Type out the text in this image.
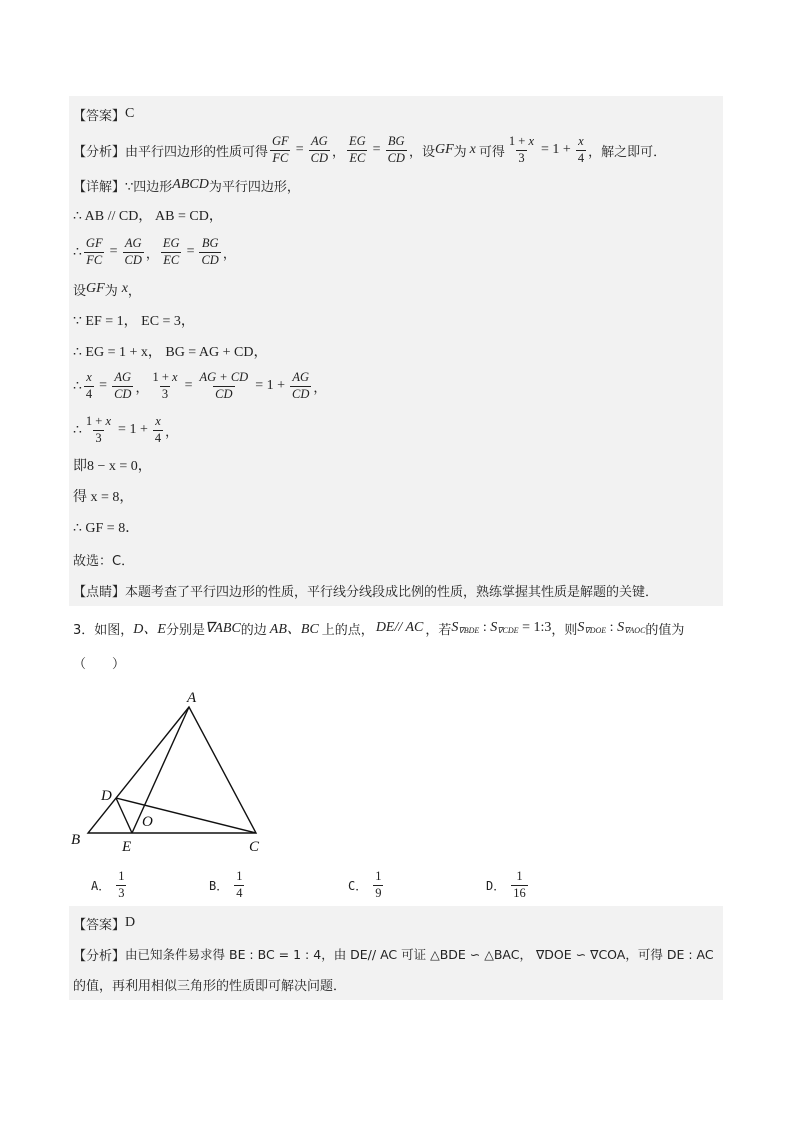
【答案】 C
【分析】 由平行四边形的性质可得 $\frac{GF}{FC} = \frac{AG}{CD}$ ， $\frac{EG}{EC} = \frac{BG}{CD}$ ，设 GF 为 x 可得 $\frac{1 + x}{3} = 1 + \frac{x}{4}$ ，解之即可．
【详解】 ∵四边形 ABCD 为平行四边形，
∴ AB // CD， AB = CD，
∴ $\frac{GF}{FC} = \frac{AG}{CD}$ ， $\frac{EG}{EC} = \frac{BG}{CD}$ ，
设 GF 为 x ，
∵ EF = 1， EC = 3，
∴ EG = 1 + x， BG = AG + CD，
∴ $\frac{x}{4} = \frac{AG}{CD}$ ， $\frac{1 + x}{3} = \frac{AG + CD}{CD} = 1 + \frac{AG}{CD}$ ，
∴ $\frac{1 + x}{3} = 1 + \frac{x}{4}$ ，
即8 − x = 0，
得 x = 8，
∴ GF = 8．
故选：C．
【点睛】 本题考查了平行四边形的性质，平行线分线段成比例的性质，熟练掌握其性质是解题的关键．
3．如图， D、E 分别是 ∇ABC 的边 AB、BC 上的点， DE// AC ，若 $S_{\nabla BDE}$ : $S_{\nabla CDE}$ = 1:3 ，则 $S_{\nabla DOE}$ : $S_{\nabla AOC}$ 的值为
（　　）
A
B	C
D
E
O
A． $\frac{1}{3}$	B． $\frac{1}{4}$	C． $\frac{1}{9}$	D． $\frac{1}{16}$
【答案】 D
【分析】 由已知条件易求得 BE : BC = 1 : 4，由 DE// AC 可证 △BDE ∽ △BAC， ∇DOE ∽ ∇COA，可得 DE : AC
的值，再利用相似三角形的性质即可解决问题．
